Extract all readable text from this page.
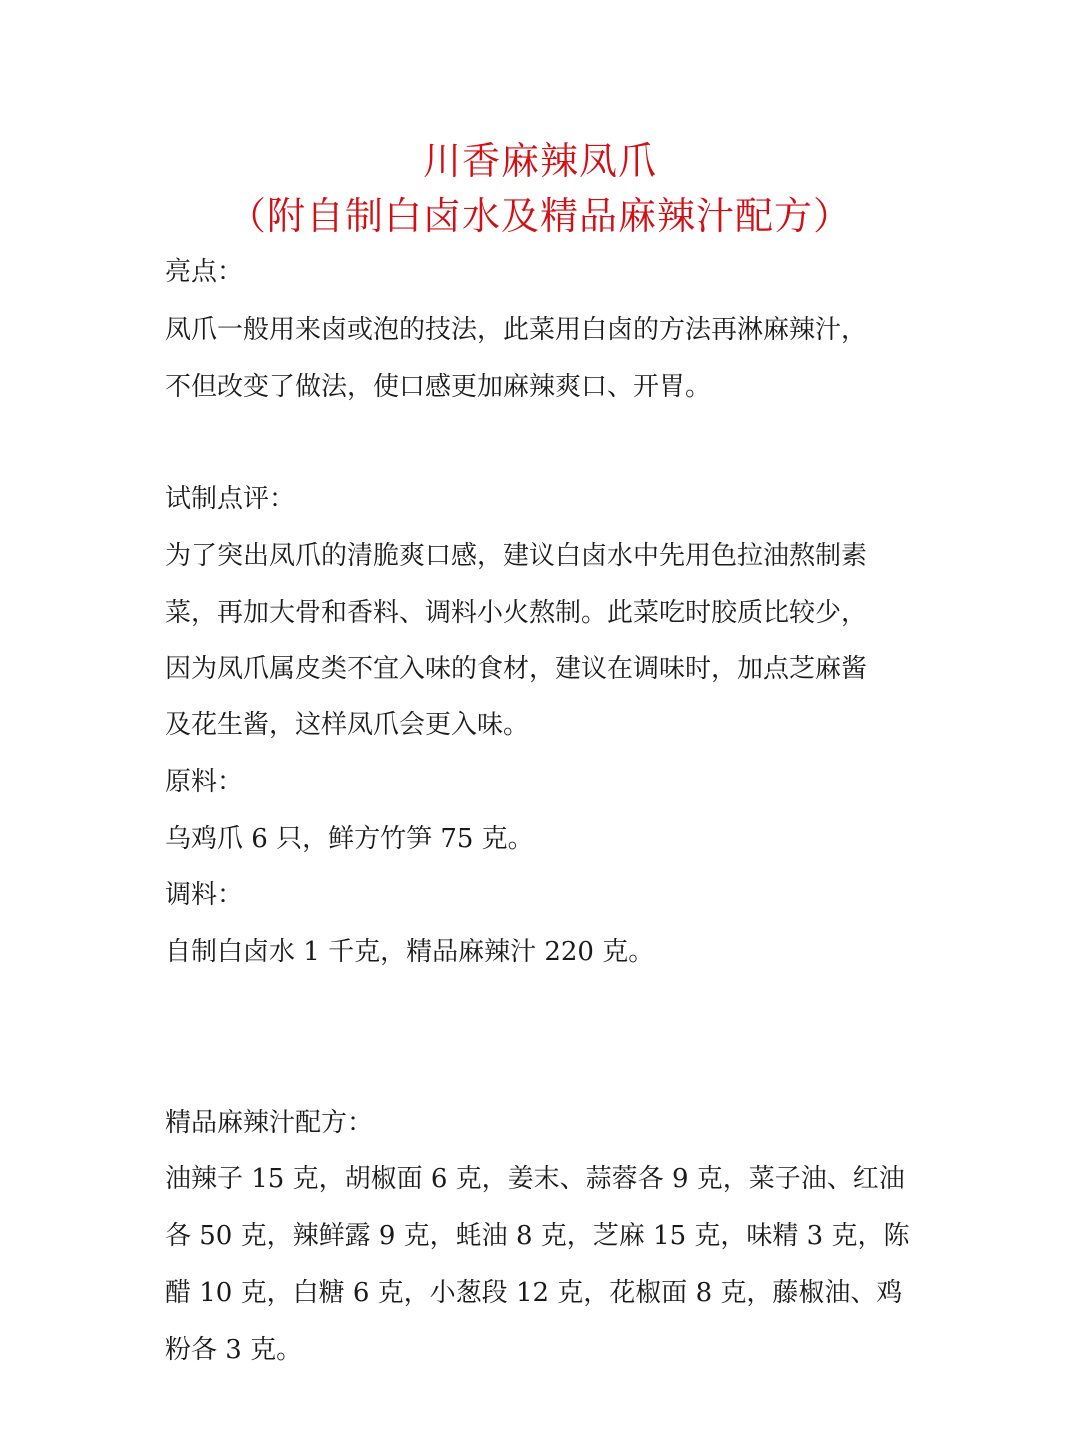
川香麻辣凤爪
（附自制白卤水及精品麻辣汁配方）
亮点：
凤爪一般用来卤或泡的技法，此菜用白卤的方法再淋麻辣汁，
不但改变了做法，使口感更加麻辣爽口、开胃。
试制点评：
为了突出凤爪的清脆爽口感，建议白卤水中先用色拉油熬制素
菜，再加大骨和香料、调料小火熬制。此菜吃时胶质比较少，
因为凤爪属皮类不宜入味的食材，建议在调味时，加点芝麻酱
及花生酱，这样凤爪会更入味。
原料：
乌鸡爪 6 只，鲜方竹笋 75 克。
调料：
自制白卤水 1 千克，精品麻辣汁 220 克。
精品麻辣汁配方：
油辣子 15 克，胡椒面 6 克，姜末、蒜蓉各 9 克，菜子油、红油
各 50 克，辣鲜露 9 克，蚝油 8 克，芝麻 15 克，味精 3 克，陈
醋 10 克，白糖 6 克，小葱段 12 克，花椒面 8 克，藤椒油、鸡
粉各 3 克。
